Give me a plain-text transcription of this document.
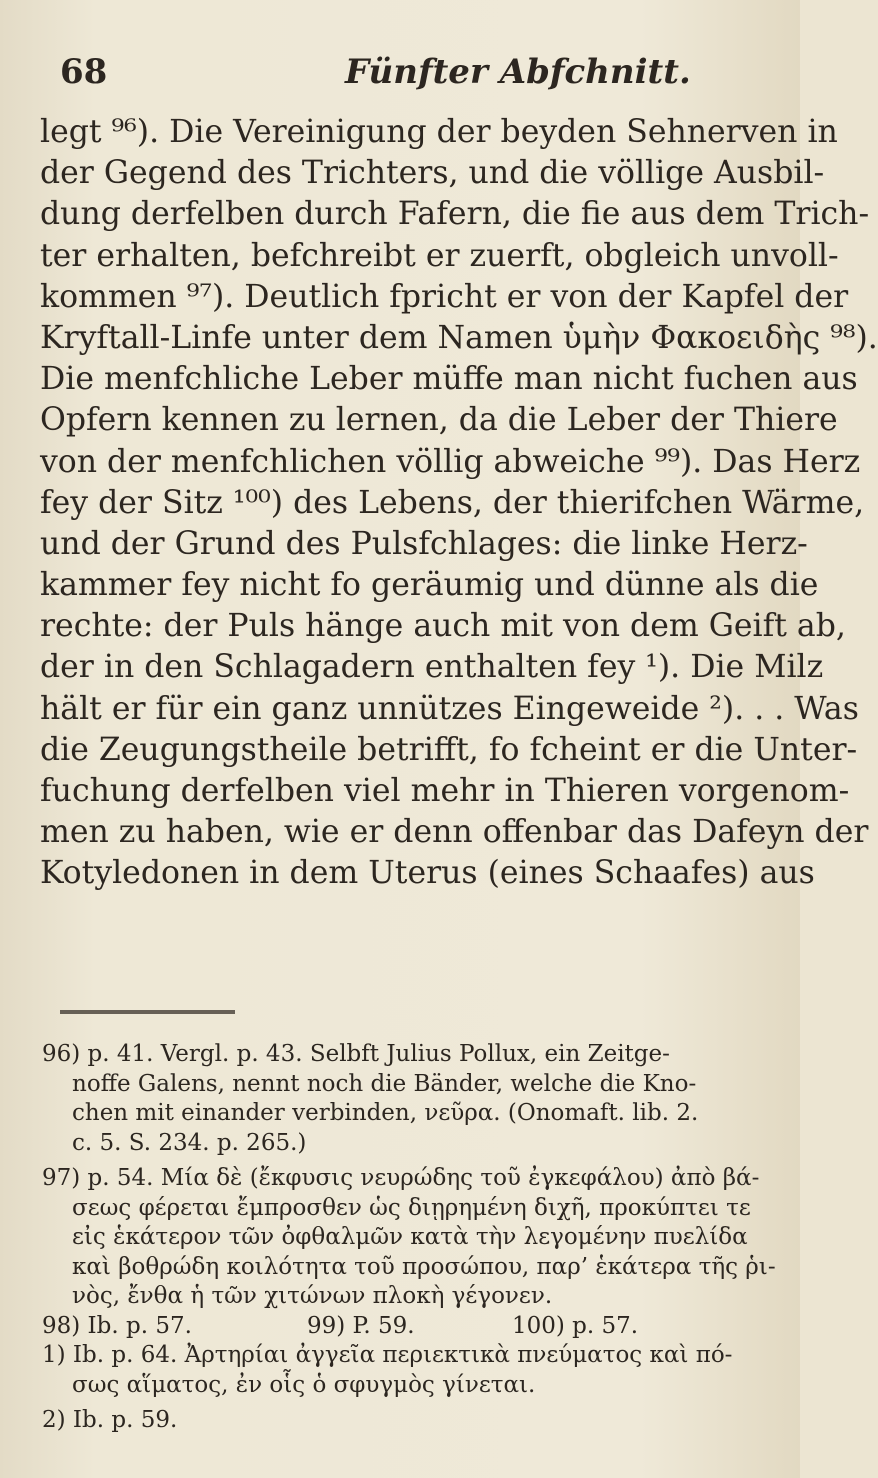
68	Fünfter Abfchnitt.
legt ⁹⁶). Die Vereinigung der beyden Sehnerven in
der Gegend des Trichters, und die völlige Ausbil-
dung derfelben durch Fafern, die fie aus dem Trich-
ter erhalten, befchreibt er zuerft, obgleich unvoll-
kommen ⁹⁷). Deutlich fpricht er von der Kapfel der
Kryftall-Linfe unter dem Namen ὑμὴν Φακοειδὴς ⁹⁸).
Die menfchliche Leber müffe man nicht fuchen aus
Opfern kennen zu lernen, da die Leber der Thiere
von der menfchlichen völlig abweiche ⁹⁹). Das Herz
fey der Sitz ¹⁰⁰) des Lebens, der thierifchen Wärme,
und der Grund des Pulsfchlages: die linke Herz-
kammer fey nicht fo geräumig und dünne als die
rechte: der Puls hänge auch mit von dem Geift ab,
der in den Schlagadern enthalten fey ¹). Die Milz
hält er für ein ganz unnützes Eingeweide ²). . . Was
die Zeugungstheile betrifft, fo fcheint er die Unter-
fuchung derfelben viel mehr in Thieren vorgenom-
men zu haben, wie er denn offenbar das Dafeyn der
Kotyledonen in dem Uterus (eines Schaafes) aus
96) p. 41. Vergl. p. 43. Selbft Julius Pollux, ein Zeitge-
noffe Galens, nennt noch die Bänder, welche die Kno-
chen mit einander verbinden, νεῦρα. (Onomaft. lib. 2.
c. 5. S. 234. p. 265.)
97) p. 54. Μία δὲ (ἔκφυσις νευρώδης τοῦ ἐγκεφάλου) ἀπὸ βά-
σεως φέρεται ἔμπροσθεν ὡς διῃρημένη διχῆ, προκύπτει τε
εἰς ἑκάτερον τῶν ὀφθαλμῶν κατὰ τὴν λεγομένην πυελίδα
καὶ βοθρώδη κοιλότητα τοῦ προσώπου, παρ’ ἑκάτερα τῆς ῥι-
νὸς, ἔνθα ἡ τῶν χιτώνων πλοκὴ γέγονεν.
98) Ib. p. 57.	99) P. 59.	100) p. 57.
1) Ib. p. 64. Ἀρτηρίαι ἀγγεῖα περιεκτικὰ πνεύματος καὶ πό-
σως αἵματος, ἐν οἷς ὁ σφυγμὸς γίνεται.
2) Ib. p. 59.
